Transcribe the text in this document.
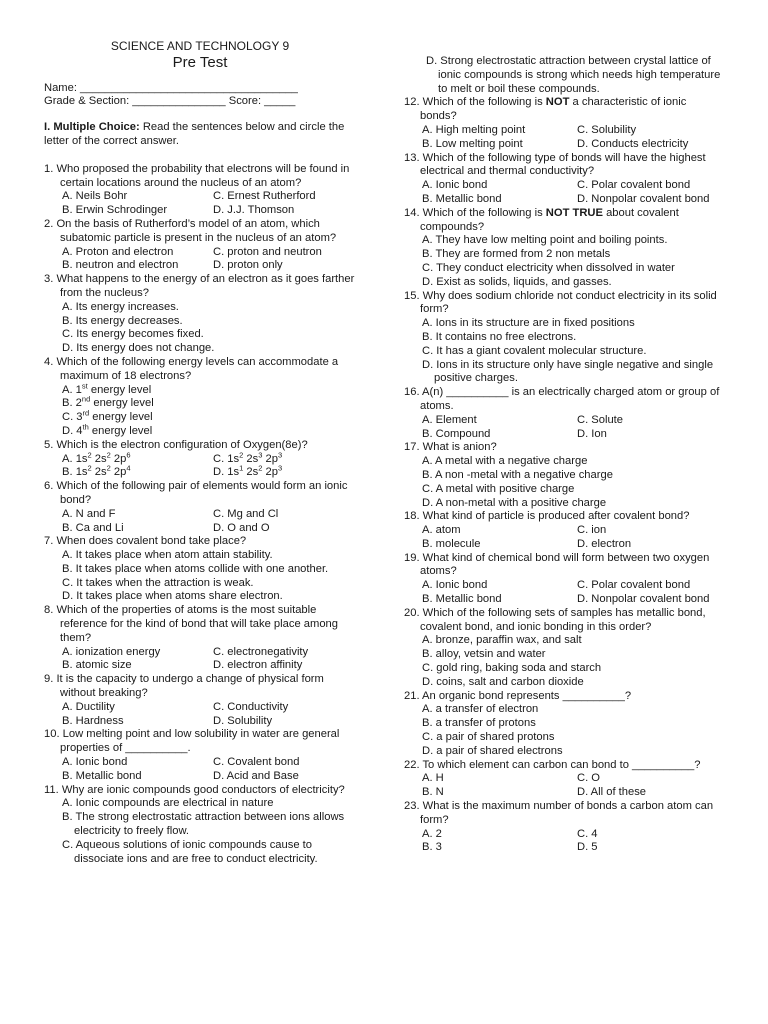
SCIENCE AND TECHNOLOGY 9
Pre Test
Name: ___________________________________
Grade & Section: _______________ Score: _____
I. Multiple Choice: Read the sentences below and circle the letter of the correct answer.
1. Who proposed the probability that electrons will be found in certain locations around the nucleus of an atom?
A. Neils Bohr	C. Ernest Rutherford
B. Erwin Schrodinger	D. J.J. Thomson
2. On the basis of Rutherford’s model of an atom, which subatomic particle is present in the nucleus of an atom?
A. Proton and electron	C. proton and neutron
B. neutron and electron	D. proton only
3. What happens to the energy of an electron as it goes farther from the nucleus?
A. Its energy increases.
B. Its energy decreases.
C. Its energy becomes fixed.
D. Its energy does not change.
4. Which of the following energy levels can accommodate a maximum of 18 electrons?
A. 1st energy level
B. 2nd energy level
C. 3rd energy level
D. 4th energy level
5. Which is the electron configuration of Oxygen(8e)?
A. $1s^2$ $2s^2$ $2p^6$	C. $1s^2$ $2s^3$ $2p^3$
B. $1s^2$ $2s^2$ $2p^4$	D. $1s^1$ $2s^2$ $2p^3$
6. Which of the following pair of elements would form an ionic bond?
A. N and F	C. Mg and Cl
B. Ca and Li	D. O and O
7. When does covalent bond take place?
A. It takes place when atom attain stability.
B. It takes place when atoms collide with one another.
C. It takes when the attraction is weak.
D. It takes place when atoms share electron.
8. Which of the properties of atoms is the most suitable reference for the kind of bond that will take place among them?
A. ionization energy	C. electronegativity
B. atomic size	D. electron affinity
9. It is the capacity to undergo a change of physical form without breaking?
A. Ductility	C. Conductivity
B. Hardness	D. Solubility
10. Low melting point and low solubility in water are general properties of __________.
A. Ionic bond	C. Covalent bond
B. Metallic bond	D. Acid and Base
11. Why are ionic compounds good conductors of electricity?
A. Ionic compounds are electrical in nature
B. The strong electrostatic attraction between ions allows electricity to freely flow.
C. Aqueous solutions of ionic compounds cause to dissociate ions and are free to conduct electricity.
D. Strong electrostatic attraction between crystal lattice of ionic compounds is strong which needs high temperature to melt or boil these compounds.
12. Which of the following is NOT a characteristic of ionic bonds?
A. High melting point	C. Solubility
B. Low melting point	D. Conducts electricity
13. Which of the following type of bonds will have the highest electrical and thermal conductivity?
A. Ionic bond	C. Polar covalent bond
B. Metallic bond	D. Nonpolar covalent bond
14. Which of the following is NOT TRUE about covalent compounds?
A. They have low melting point and boiling points.
B. They are formed from 2 non metals
C. They conduct electricity when dissolved in water
D. Exist as solids, liquids, and gasses.
15. Why does sodium chloride not conduct electricity in its solid form?
A. Ions in its structure are in fixed positions
B. It contains no free electrons.
C. It has a giant covalent molecular structure.
D. Ions in its structure only have single negative and single positive charges.
16. A(n) __________ is an electrically charged atom or group of atoms.
A. Element	C. Solute
B. Compound	D. Ion
17. What is anion?
A. A metal with a negative charge
B. A non -metal with a negative charge
C. A metal with positive charge
D. A non-metal with a positive charge
18. What kind of particle is produced after covalent bond?
A. atom	C. ion
B. molecule	D. electron
19. What kind of chemical bond will form between two oxygen atoms?
A. Ionic bond	C. Polar covalent bond
B. Metallic bond	D. Nonpolar covalent bond
20. Which of the following sets of samples has metallic bond, covalent bond, and ionic bonding in this order?
A. bronze, paraffin wax, and salt
B. alloy, vetsin and water
C. gold ring, baking soda and starch
D. coins, salt and carbon dioxide
21. An organic bond represents __________?
A. a transfer of electron
B. a transfer of protons
C. a pair of shared protons
D. a pair of shared electrons
22. To which element can carbon can bond to __________?
A. H	C. O
B. N	D. All of these
23. What is the maximum number of bonds a carbon atom can form?
A. 2	C. 4
B. 3	D. 5
